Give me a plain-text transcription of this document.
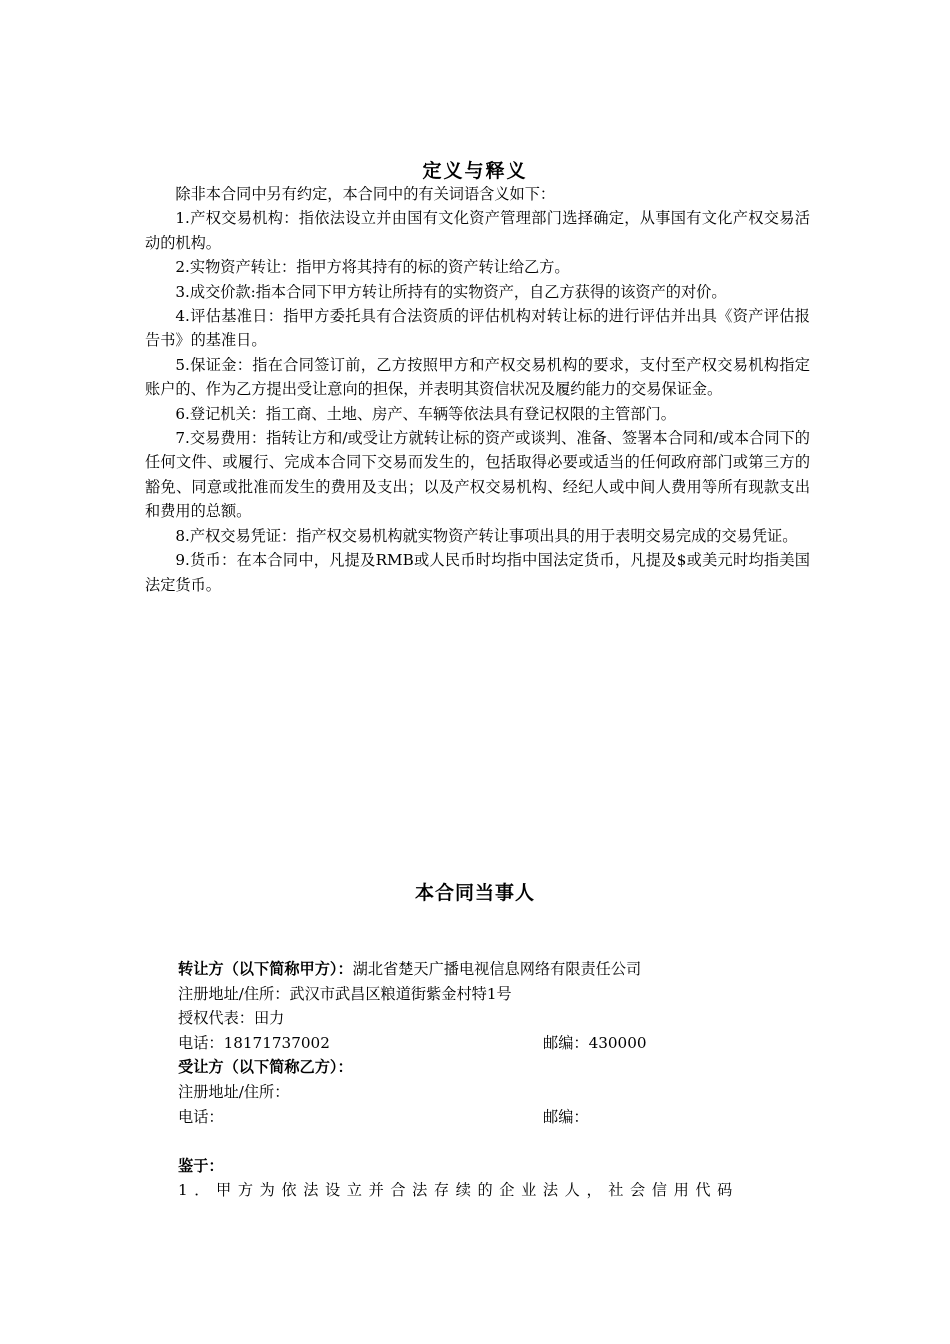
定义与释义

除非本合同中另有约定，本合同中的有关词语含义如下：

1.产权交易机构：指依法设立并由国有文化资产管理部门选择确定，从事国有文化产权交易活动的机构。

2.实物资产转让：指甲方将其持有的标的资产转让给乙方。

3.成交价款:指本合同下甲方转让所持有的实物资产，自乙方获得的该资产的对价。

4.评估基准日：指甲方委托具有合法资质的评估机构对转让标的进行评估并出具《资产评估报告书》的基准日。

5.保证金：指在合同签订前，乙方按照甲方和产权交易机构的要求，支付至产权交易机构指定账户的、作为乙方提出受让意向的担保，并表明其资信状况及履约能力的交易保证金。

6.登记机关：指工商、土地、房产、车辆等依法具有登记权限的主管部门。

7.交易费用：指转让方和/或受让方就转让标的资产或谈判、准备、签署本合同和/或本合同下的任何文件、或履行、完成本合同下交易而发生的，包括取得必要或适当的任何政府部门或第三方的豁免、同意或批准而发生的费用及支出；以及产权交易机构、经纪人或中间人费用等所有现款支出和费用的总额。

8.产权交易凭证：指产权交易机构就实物资产转让事项出具的用于表明交易完成的交易凭证。

9.货币：在本合同中，凡提及RMB或人民币时均指中国法定货币，凡提及$或美元时均指美国法定货币。

本合同当事人
转让方（以下简称甲方）：湖北省楚天广播电视信息网络有限责任公司
注册地址/住所：武汉市武昌区粮道街紫金村特1号
授权代表：田力
电话：18171737002	邮编：430000
受让方（以下简称乙方）：
注册地址/住所：
电话：	邮编：
鉴于：
1．甲方为依法设立并合法存续的企业法人，社会信用代码
